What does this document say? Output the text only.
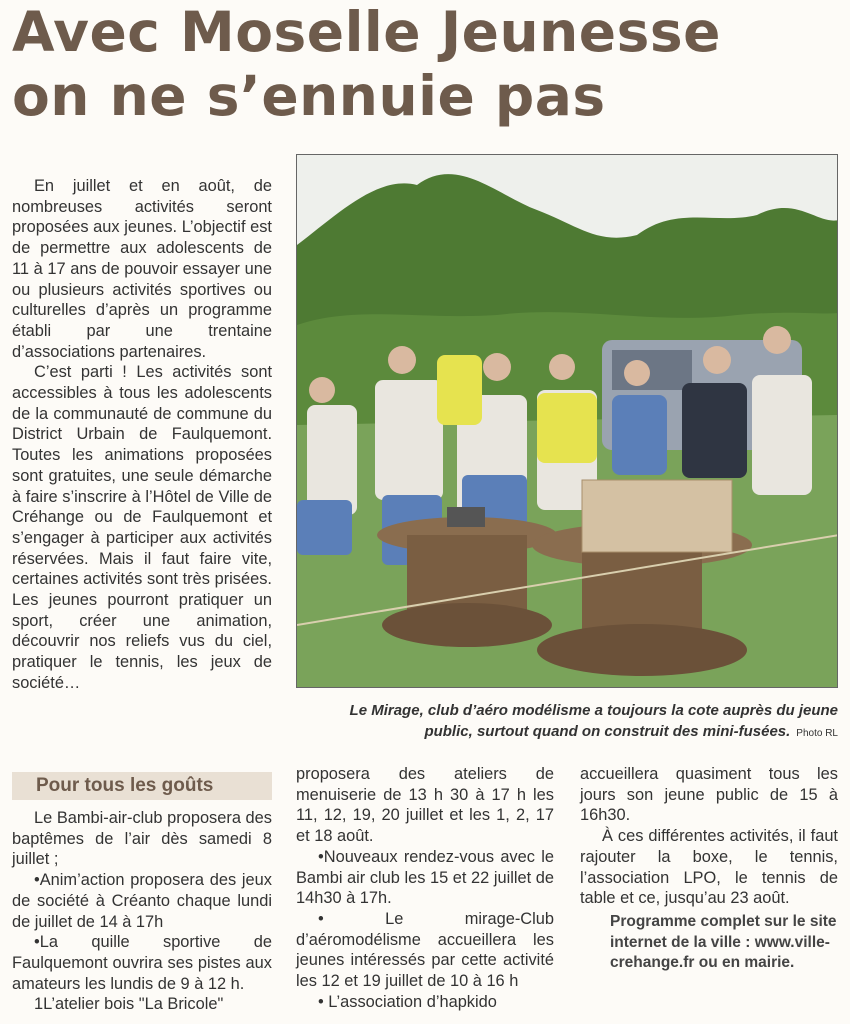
Avec Moselle Jeunesse
on ne s’ennuie pas

En juillet et en août, de nombreuses activités seront proposées aux jeunes. L’objectif est de permettre aux adolescents de 11 à 17 ans de pouvoir essayer une ou plusieurs activités sportives ou culturelles d’après un programme établi par une trentaine d’associations partenaires.

C’est parti ! Les activités sont accessibles à tous les adolescents de la communauté de commune du District Urbain de Faulquemont. Toutes les animations proposées sont gratuites, une seule démarche à faire s’inscrire à l’Hôtel de Ville de Créhange ou de Faulquemont et s’engager à participer aux activités réservées. Mais il faut faire vite, certaines activités sont très prisées. Les jeunes pourront pratiquer un sport, créer une animation, découvrir nos reliefs vus du ciel, pratiquer le tennis, les jeux de société…

Le Mirage, club d’aéro modélisme a toujours la cote auprès du jeune public, surtout quand on construit des mini-fusées. Photo RL
Pour tous les goûts

Le Bambi-air-club proposera des baptêmes de l’air dès samedi 8 juillet ;

•Anim’action proposera des jeux de société à Créanto chaque lundi de juillet de 14 à 17h

•La quille sportive de Faulquemont ouvrira ses pistes aux amateurs les lundis de 9 à 12 h.

1L’atelier bois "La Bricole"

proposera des ateliers de menuiserie de 13 h 30 à 17 h les 11, 12, 19, 20 juillet et les 1, 2, 17 et 18 août.

•Nouveaux rendez-vous avec le Bambi air club les 15 et 22 juillet de 14h30 à 17h.

• Le mirage-Club d’aéromodélisme accueillera les jeunes intéressés par cette activité les 12 et 19 juillet de 10 à 16 h

• L’association d’hapkido

accueillera quasiment tous les jours son jeune public de 15 à 16h30.

À ces différentes activités, il faut rajouter la boxe, le tennis, l’association LPO, le tennis de table et ce, jusqu’au 23 août.

Programme complet sur le site internet de la ville : www.ville-crehange.fr ou en mairie.
